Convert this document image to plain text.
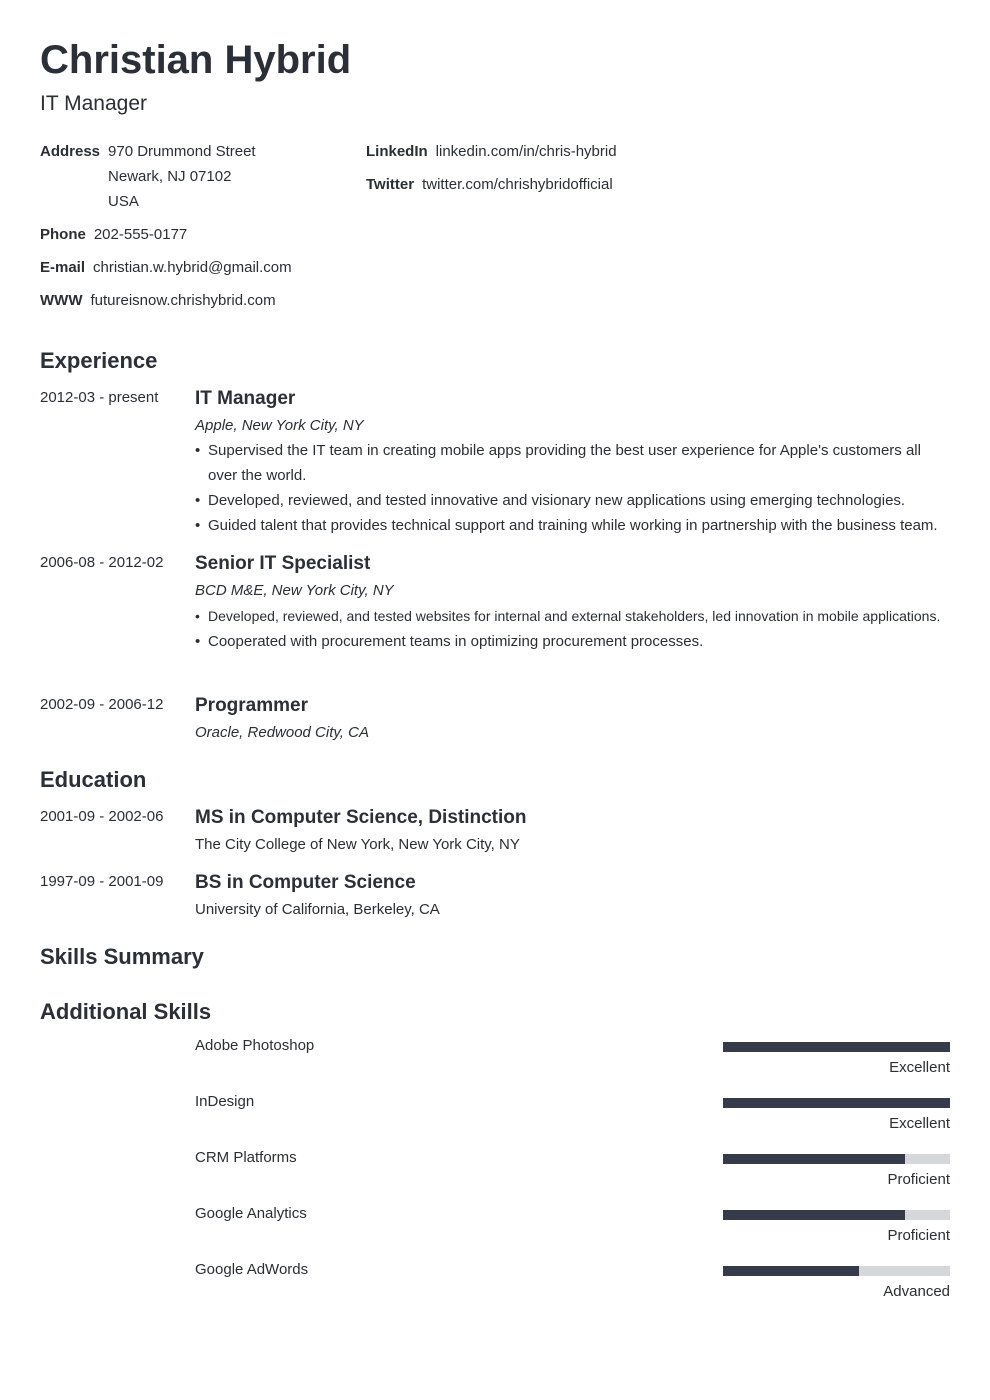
Christian Hybrid
IT Manager
Address 970 Drummond Street
Newark, NJ 07102
USA
Phone 202-555-0177
E-mail christian.w.hybrid@gmail.com
WWW futureisnow.chrishybrid.com
LinkedIn linkedin.com/in/chris-hybrid
Twitter twitter.com/chrishybridofficial
Experience
2012-03 - present IT Manager
Apple, New York City, NY
• Supervised the IT team in creating mobile apps providing the best user experience for Apple's customers all over the world.
• Developed, reviewed, and tested innovative and visionary new applications using emerging technologies.
• Guided talent that provides technical support and training while working in partnership with the business team.
2006-08 - 2012-02 Senior IT Specialist
BCD M&E, New York City, NY
• Developed, reviewed, and tested websites for internal and external stakeholders, led innovation in mobile applications.
• Cooperated with procurement teams in optimizing procurement processes.
2002-09 - 2006-12 Programmer
Oracle, Redwood City, CA
Education
2001-09 - 2002-06 MS in Computer Science, Distinction
The City College of New York, New York City, NY
1997-09 - 2001-09 BS in Computer Science
University of California, Berkeley, CA
Skills Summary
Additional Skills
Adobe Photoshop
Excellent
InDesign
Excellent
CRM Platforms
Proficient
Google Analytics
Proficient
Google AdWords
Advanced
